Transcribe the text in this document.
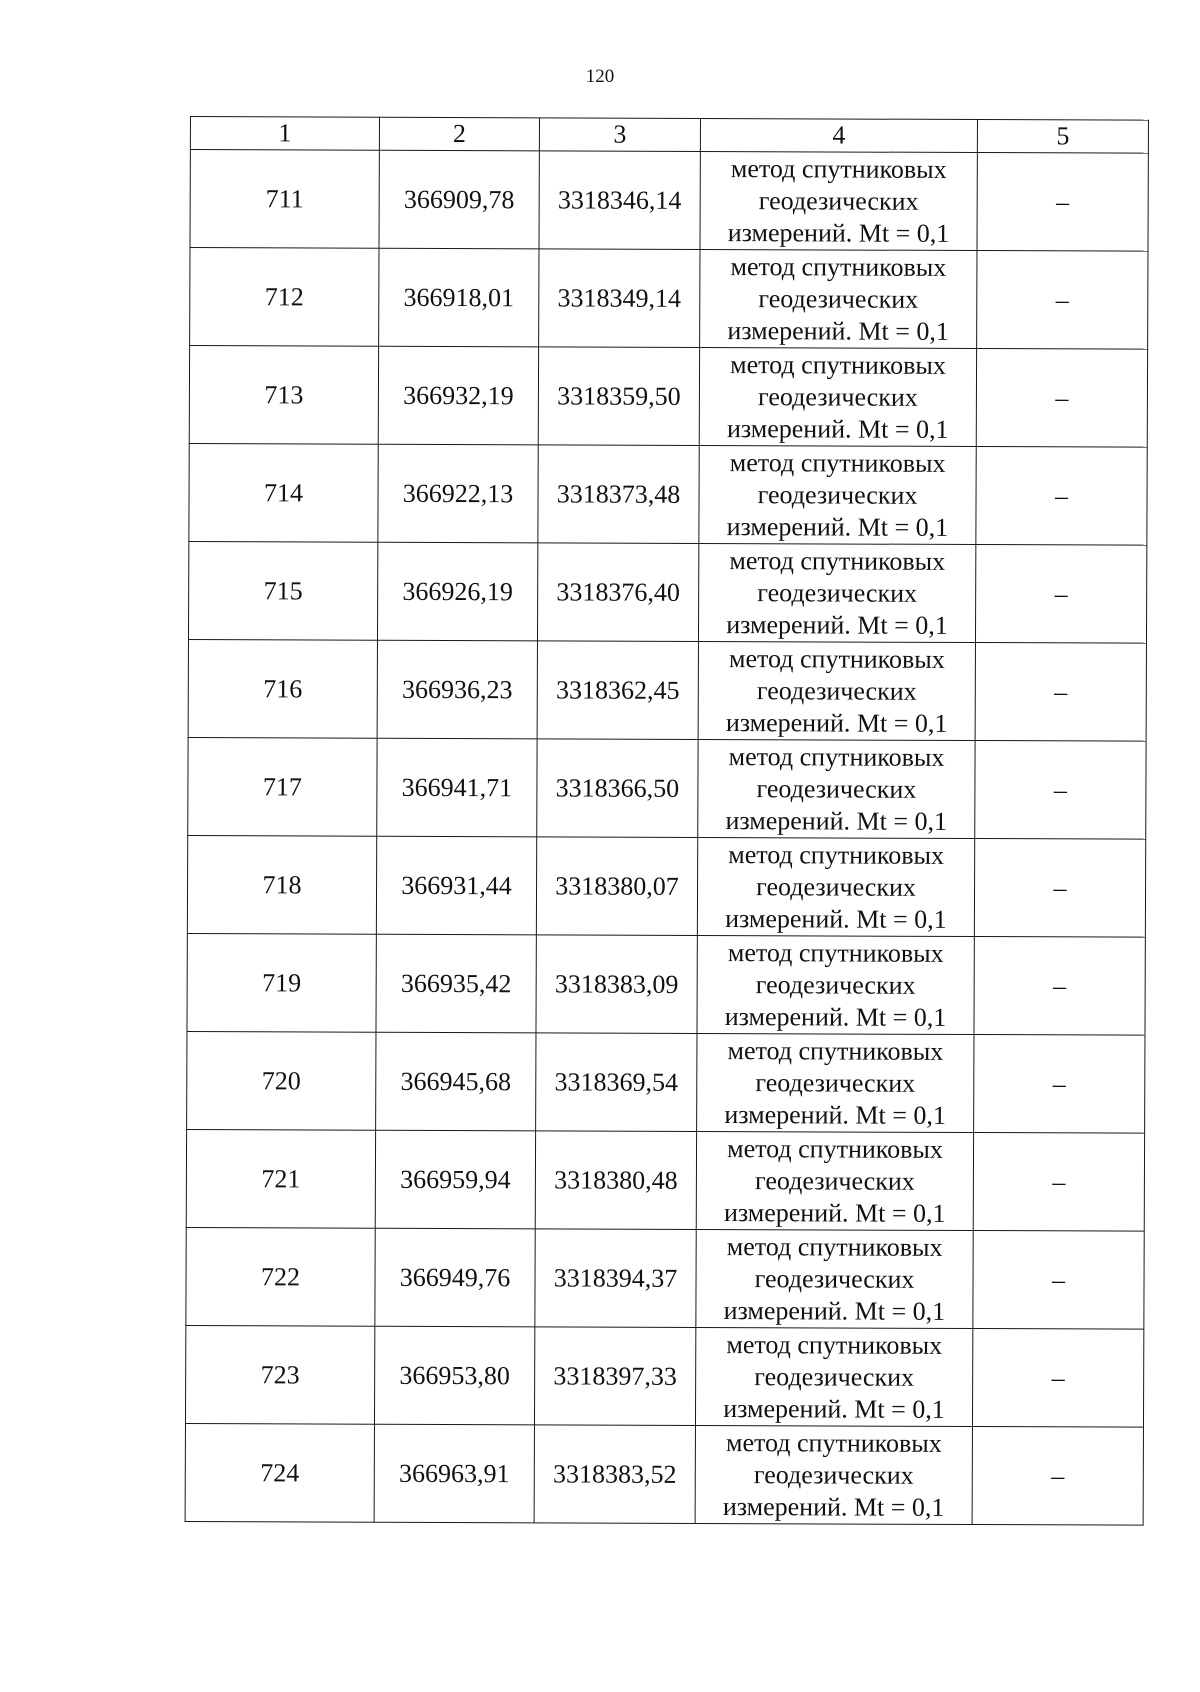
120
1	2	3	4	5
711	366909,78	3318346,14	метод спутниковых
геодезических
измерений. Mt = 0,1	–
712	366918,01	3318349,14	метод спутниковых
геодезических
измерений. Mt = 0,1	–
713	366932,19	3318359,50	метод спутниковых
геодезических
измерений. Mt = 0,1	–
714	366922,13	3318373,48	метод спутниковых
геодезических
измерений. Mt = 0,1	–
715	366926,19	3318376,40	метод спутниковых
геодезических
измерений. Mt = 0,1	–
716	366936,23	3318362,45	метод спутниковых
геодезических
измерений. Mt = 0,1	–
717	366941,71	3318366,50	метод спутниковых
геодезических
измерений. Mt = 0,1	–
718	366931,44	3318380,07	метод спутниковых
геодезических
измерений. Mt = 0,1	–
719	366935,42	3318383,09	метод спутниковых
геодезических
измерений. Mt = 0,1	–
720	366945,68	3318369,54	метод спутниковых
геодезических
измерений. Mt = 0,1	–
721	366959,94	3318380,48	метод спутниковых
геодезических
измерений. Mt = 0,1	–
722	366949,76	3318394,37	метод спутниковых
геодезических
измерений. Mt = 0,1	–
723	366953,80	3318397,33	метод спутниковых
геодезических
измерений. Mt = 0,1	–
724	366963,91	3318383,52	метод спутниковых
геодезических
измерений. Mt = 0,1	–
